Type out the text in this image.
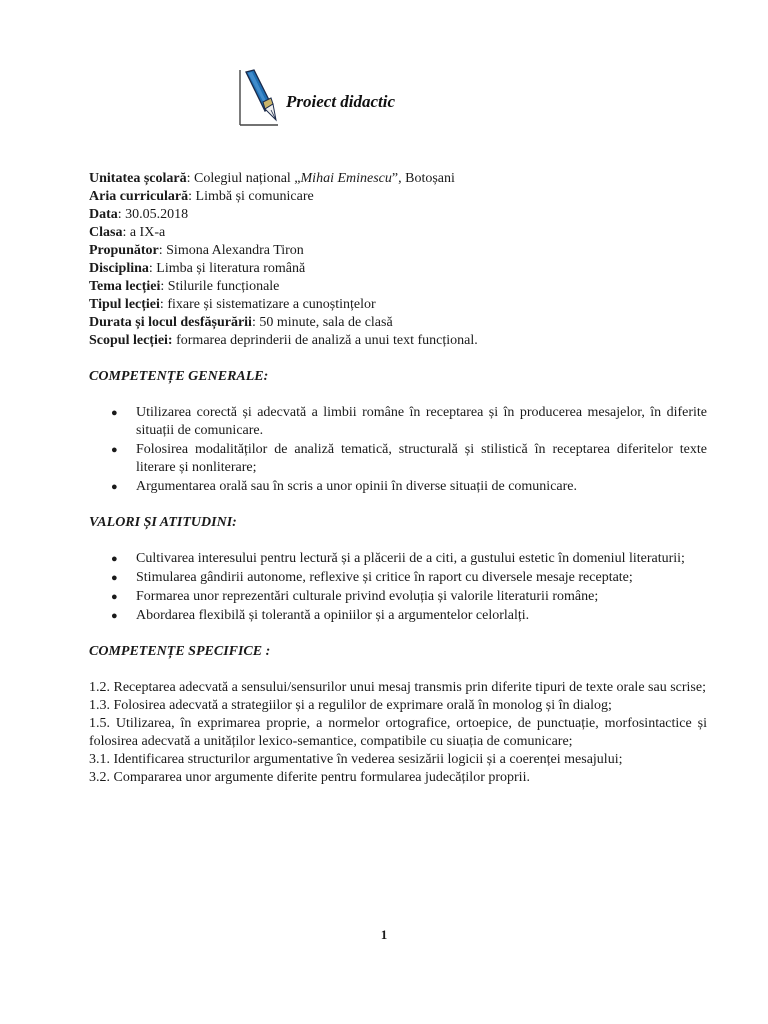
Proiect didactic
Unitatea școlară: Colegiul național „Mihai Eminescu”, Botoșani
Aria curriculară: Limbă și comunicare
Data: 30.05.2018
Clasa: a IX-a
Propunător: Simona Alexandra Tiron
Disciplina: Limba și literatura română
Tema lecției: Stilurile funcționale
Tipul lecției: fixare și sistematizare a cunoștințelor
Durata și locul desfășurării: 50 minute, sala de clasă
Scopul lecției: formarea deprinderii de analiză a unui text funcțional.
COMPETENȚE GENERALE:
● Utilizarea corectă și adecvată a limbii române în receptarea și în producerea mesajelor, în diferite situații de comunicare.
● Folosirea modalităților de analiză tematică, structurală și stilistică în receptarea diferitelor texte literare și nonliterare;
● Argumentarea orală sau în scris a unor opinii în diverse situații de comunicare.
VALORI ȘI ATITUDINI:
● Cultivarea interesului pentru lectură și a plăcerii de a citi, a gustului estetic în domeniul literaturii;
● Stimularea gândirii autonome, reflexive și critice în raport cu diversele mesaje receptate;
● Formarea unor reprezentări culturale privind evoluția și valorile literaturii române;
● Abordarea flexibilă și tolerantă a opiniilor și a argumentelor celorlalți.
COMPETENȚE SPECIFICE :

1.2. Receptarea adecvată a sensului/sensurilor unui mesaj transmis prin diferite tipuri de texte orale sau scrise;

1.3. Folosirea adecvată a strategiilor și a regulilor de exprimare orală în monolog și în dialog;

1.5. Utilizarea, în exprimarea proprie, a normelor ortografice, ortoepice, de punctuație, morfosintactice și folosirea adecvată a unităților lexico-semantice, compatibile cu siuația de comunicare;

3.1. Identificarea structurilor argumentative în vederea sesizării logicii și a coerenței mesajului;

3.2. Compararea unor argumente diferite pentru formularea judecăților proprii.

1
